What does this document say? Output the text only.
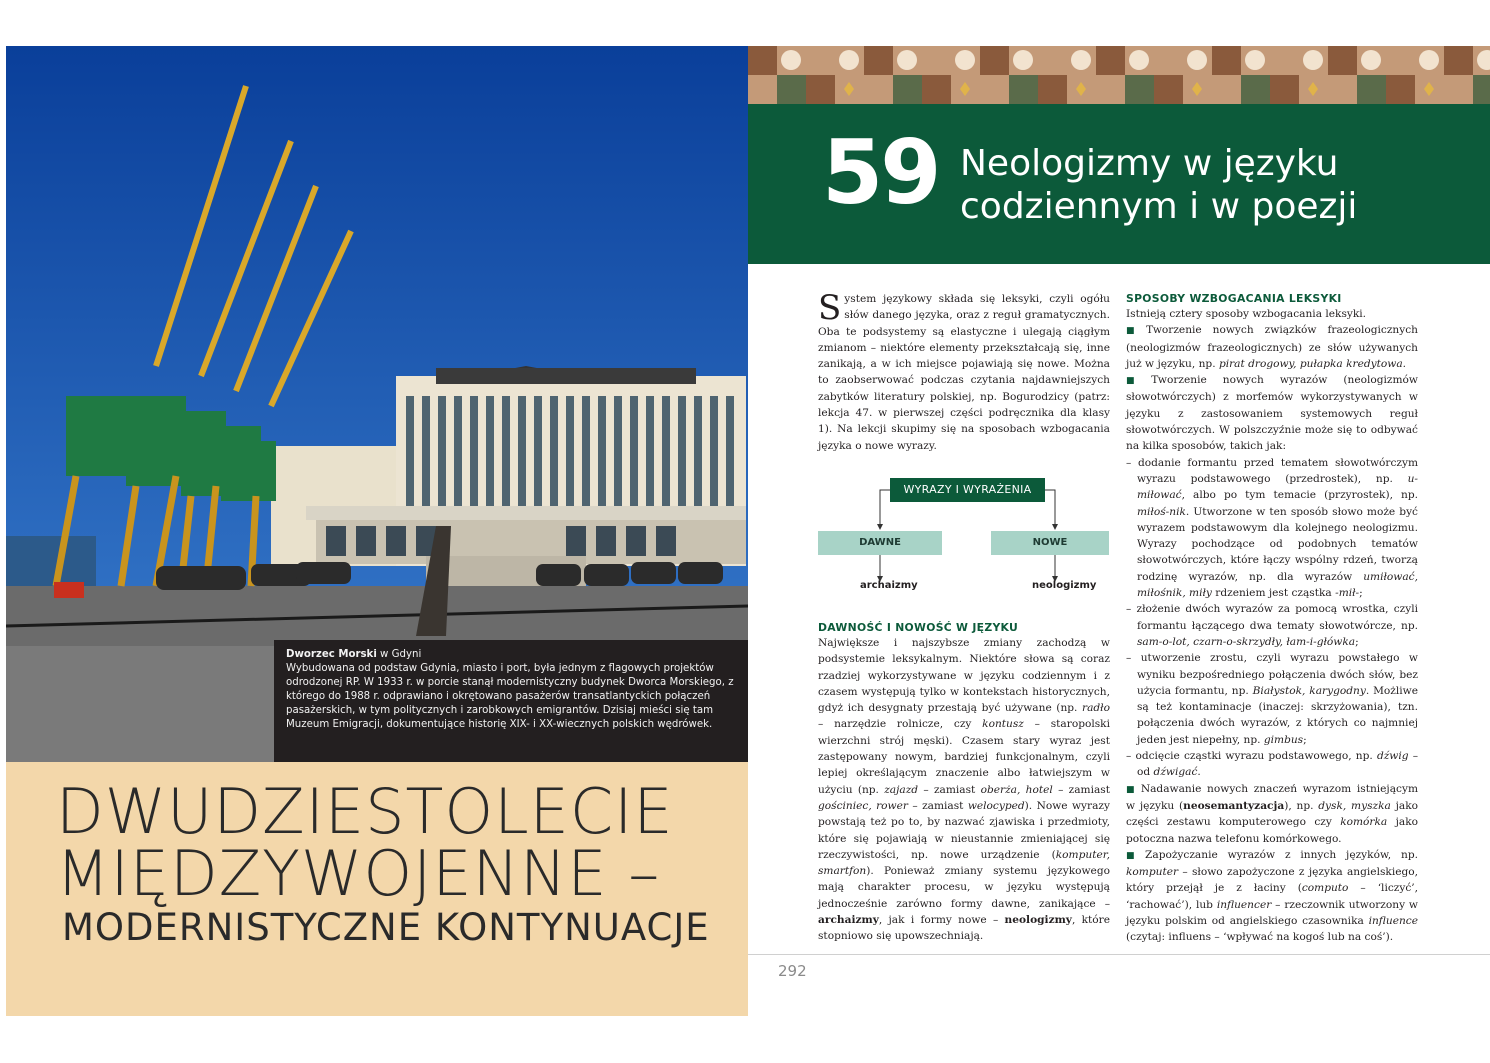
Dworzec Morski w Gdyni
Wybudowana od podstaw Gdynia, miasto i port, była jednym z flagowych projektów odrodzonej RP. W 1933 r. w porcie stanął modernistyczny budynek Dworca Morskiego, z którego do 1988 r. odprawiano i okrętowano pasażerów transatlantyckich połączeń pasażerskich, w tym politycznych i zarobkowych emigrantów. Dzisiaj mieści się tam Muzeum Emigracji, dokumentujące historię XIX- i XX-wiecznych polskich wędrówek.
DWUDZIESTOLECIE
MIĘDZYWOJENNE –
MODERNISTYCZNE KONTYNUACJE
59 Neologizmy w języku
codziennym i w poezji

System językowy składa się leksyki, czyli ogółu słów danego języka, oraz z reguł gramatycznych. Oba te podsystemy są elastyczne i ulegają ciągłym zmianom – niektóre elementy przekształcają się, inne zanikają, a w ich miejsce pojawiają się nowe. Można to zaobserwować podczas czytania najdawniejszych zabytków literatury polskiej, np. Bogurodzicy (patrz: lekcja 47. w pierwszej części podręcznika dla klasy 1). Na lekcji skupimy się na sposobach wzbogacania języka o nowe wyrazy.

WYRAZY I WYRAŻENIA
DAWNE	NOWE
archaizmy	neologizmy

DAWNOŚĆ I NOWOŚĆ W JĘZYKU

Największe i najszybsze zmiany zachodzą w podsystemie leksykalnym. Niektóre słowa są coraz rzadziej wykorzystywane w języku codziennym i z czasem występują tylko w kontekstach historycznych, gdyż ich desygnaty przestają być używane (np. radło – narzędzie rolnicze, czy kontusz – staropolski wierzchni strój męski). Czasem stary wyraz jest zastępowany nowym, bardziej funkcjonalnym, czyli lepiej określającym znaczenie albo łatwiejszym w użyciu (np. zajazd – zamiast oberża, hotel – zamiast gościniec, rower – zamiast welocyped). Nowe wyrazy powstają też po to, by nazwać zjawiska i przedmioty, które się pojawiają w nieustannie zmieniającej się rzeczywistości, np. nowe urządzenie (komputer, smartfon). Ponieważ zmiany systemu językowego mają charakter procesu, w języku występują jednocześnie zarówno formy dawne, zanikające – archaizmy, jak i formy nowe – neologizmy, które stopniowo się upowszechniają.

SPOSOBY WZBOGACANIA LEKSYKI

Istnieją cztery sposoby wzbogacania leksyki.

■ Tworzenie nowych związków frazeologicznych (neologizmów frazeologicznych) ze słów używanych już w języku, np. pirat drogowy, pułapka kredytowa.

■ Tworzenie nowych wyrazów (neologizmów słowotwórczych) z morfemów wykorzystywanych w języku z zastosowaniem systemowych reguł słowotwórczych. W polszczyźnie może się to odbywać na kilka sposobów, takich jak:

– dodanie formantu przed tematem słowotwórczym wyrazu podstawowego (przedrostek), np. u-miłować, albo po tym temacie (przyrostek), np. miłoś-nik. Utworzone w ten sposób słowo może być wyrazem podstawowym dla kolejnego neologizmu. Wyrazy pochodzące od podobnych tematów słowotwórczych, które łączy wspólny rdzeń, tworzą rodzinę wyrazów, np. dla wyrazów umiłować, miłośnik, miły rdzeniem jest cząstka -mił-;

– złożenie dwóch wyrazów za pomocą wrostka, czyli formantu łączącego dwa tematy słowotwórcze, np. sam-o-lot, czarn-o-skrzydły, łam-i-główka;

– utworzenie zrostu, czyli wyrazu powstałego w wyniku bezpośredniego połączenia dwóch słów, bez użycia formantu, np. Białystok, karygodny. Możliwe są też kontaminacje (inaczej: skrzyżowania), tzn. połączenia dwóch wyrazów, z których co najmniej jeden jest niepełny, np. gimbus;

– odcięcie cząstki wyrazu podstawowego, np. dźwig – od dźwigać.

■ Nadawanie nowych znaczeń wyrazom istniejącym w języku (neosemantyzacja), np. dysk, myszka jako części zestawu komputerowego czy komórka jako potoczna nazwa telefonu komórkowego.

■ Zapożyczanie wyrazów z innych języków, np. komputer – słowo zapożyczone z języka angielskiego, który przejął je z łaciny (computo – ‘liczyć’, ‘rachować’), lub influencer – rzeczownik utworzony w języku polskim od angielskiego czasownika influence (czytaj: influens – ‘wpływać na kogoś lub na coś’).

292
